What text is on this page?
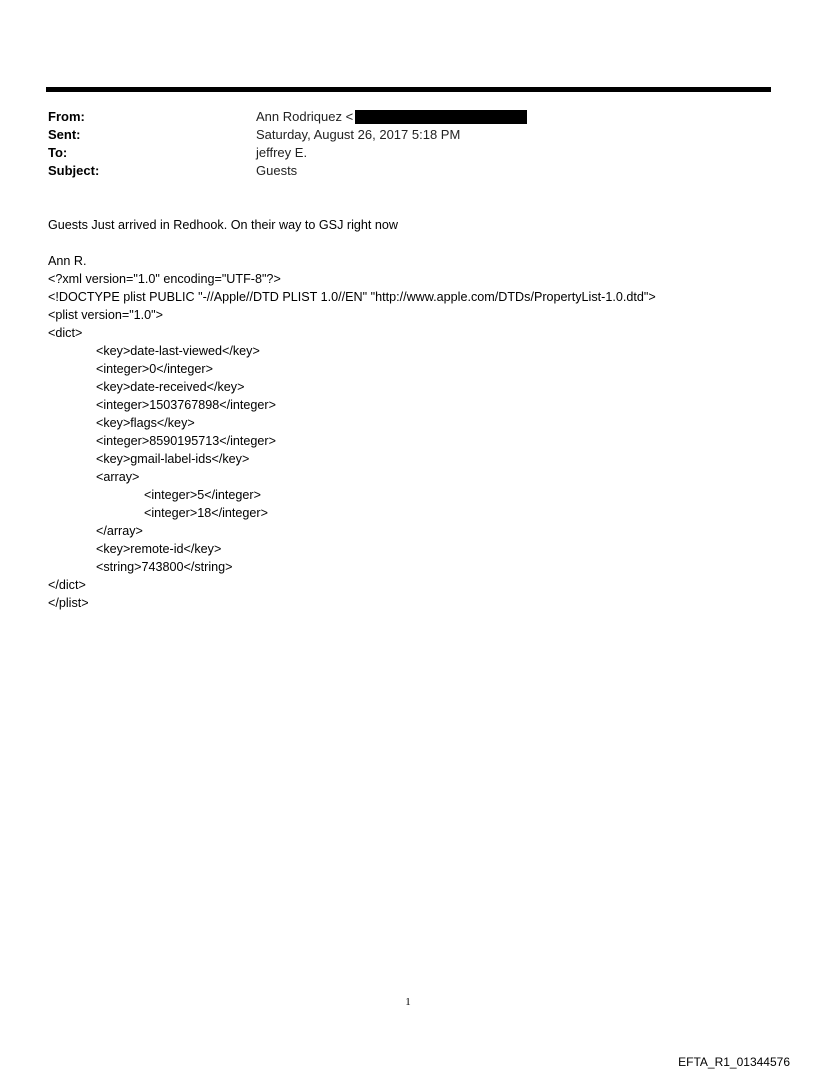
From:	Ann Rodriquez <
Sent:	Saturday, August 26, 2017 5:18 PM
To:	jeffrey E.
Subject:	Guests
Guests Just arrived in Redhook. On their way to GSJ right now
Ann R.
<?xml version="1.0" encoding="UTF-8"?>
<!DOCTYPE plist PUBLIC "-//Apple//DTD PLIST 1.0//EN" "http://www.apple.com/DTDs/PropertyList-1.0.dtd">
<plist version="1.0">
<dict>
<key>date-last-viewed</key>
<integer>0</integer>
<key>date-received</key>
<integer>1503767898</integer>
<key>flags</key>
<integer>8590195713</integer>
<key>gmail-label-ids</key>
<array>
<integer>5</integer>
<integer>18</integer>
</array>
<key>remote-id</key>
<string>743800</string>
</dict>
</plist>
1
EFTA_R1_01344576
